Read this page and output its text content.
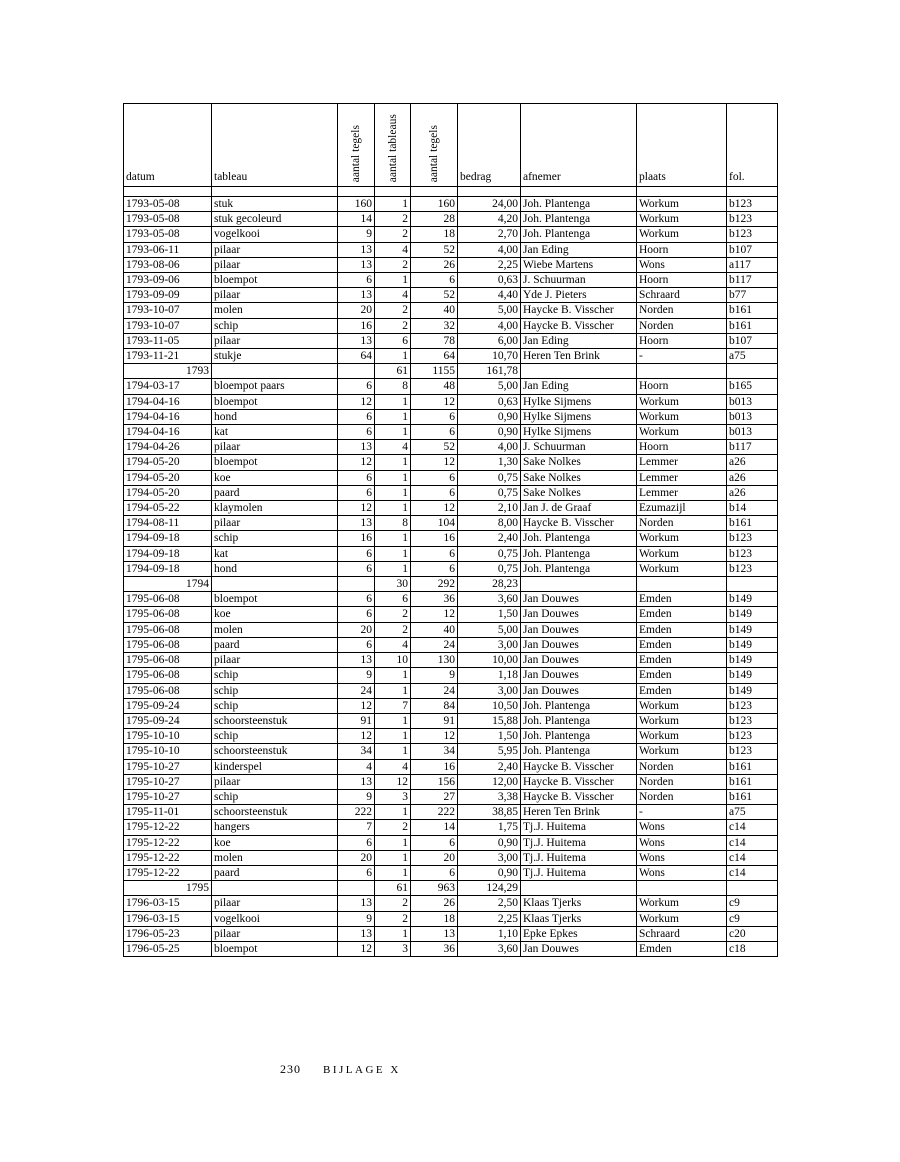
datum	tableau	aantal tegels	aantal tableaus	aantal tegels	bedrag	afnemer	plaats	fol.

1793-05-08	stuk	160	1	160	24,00	Joh. Plantenga	Workum	b123
1793-05-08	stuk gecoleurd	14	2	28	4,20	Joh. Plantenga	Workum	b123
1793-05-08	vogelkooi	9	2	18	2,70	Joh. Plantenga	Workum	b123
1793-06-11	pilaar	13	4	52	4,00	Jan Eding	Hoorn	b107
1793-08-06	pilaar	13	2	26	2,25	Wiebe Martens	Wons	a117
1793-09-06	bloempot	6	1	6	0,63	J. Schuurman	Hoorn	b117
1793-09-09	pilaar	13	4	52	4,40	Yde J. Pieters	Schraard	b77
1793-10-07	molen	20	2	40	5,00	Haycke B. Visscher	Norden	b161
1793-10-07	schip	16	2	32	4,00	Haycke B. Visscher	Norden	b161
1793-11-05	pilaar	13	6	78	6,00	Jan Eding	Hoorn	b107
1793-11-21	stukje	64	1	64	10,70	Heren Ten Brink	-	a75
1793			61	1155	161,78			
1794-03-17	bloempot paars	6	8	48	5,00	Jan Eding	Hoorn	b165
1794-04-16	bloempot	12	1	12	0,63	Hylke Sijmens	Workum	b013
1794-04-16	hond	6	1	6	0,90	Hylke Sijmens	Workum	b013
1794-04-16	kat	6	1	6	0,90	Hylke Sijmens	Workum	b013
1794-04-26	pilaar	13	4	52	4,00	J. Schuurman	Hoorn	b117
1794-05-20	bloempot	12	1	12	1,30	Sake Nolkes	Lemmer	a26
1794-05-20	koe	6	1	6	0,75	Sake Nolkes	Lemmer	a26
1794-05-20	paard	6	1	6	0,75	Sake Nolkes	Lemmer	a26
1794-05-22	klaymolen	12	1	12	2,10	Jan J. de Graaf	Ezumazijl	b14
1794-08-11	pilaar	13	8	104	8,00	Haycke B. Visscher	Norden	b161
1794-09-18	schip	16	1	16	2,40	Joh. Plantenga	Workum	b123
1794-09-18	kat	6	1	6	0,75	Joh. Plantenga	Workum	b123
1794-09-18	hond	6	1	6	0,75	Joh. Plantenga	Workum	b123
1794			30	292	28,23			
1795-06-08	bloempot	6	6	36	3,60	Jan Douwes	Emden	b149
1795-06-08	koe	6	2	12	1,50	Jan Douwes	Emden	b149
1795-06-08	molen	20	2	40	5,00	Jan Douwes	Emden	b149
1795-06-08	paard	6	4	24	3,00	Jan Douwes	Emden	b149
1795-06-08	pilaar	13	10	130	10,00	Jan Douwes	Emden	b149
1795-06-08	schip	9	1	9	1,18	Jan Douwes	Emden	b149
1795-06-08	schip	24	1	24	3,00	Jan Douwes	Emden	b149
1795-09-24	schip	12	7	84	10,50	Joh. Plantenga	Workum	b123
1795-09-24	schoorsteenstuk	91	1	91	15,88	Joh. Plantenga	Workum	b123
1795-10-10	schip	12	1	12	1,50	Joh. Plantenga	Workum	b123
1795-10-10	schoorsteenstuk	34	1	34	5,95	Joh. Plantenga	Workum	b123
1795-10-27	kinderspel	4	4	16	2,40	Haycke B. Visscher	Norden	b161
1795-10-27	pilaar	13	12	156	12,00	Haycke B. Visscher	Norden	b161
1795-10-27	schip	9	3	27	3,38	Haycke B. Visscher	Norden	b161
1795-11-01	schoorsteenstuk	222	1	222	38,85	Heren Ten Brink	-	a75
1795-12-22	hangers	7	2	14	1,75	Tj.J. Huitema	Wons	c14
1795-12-22	koe	6	1	6	0,90	Tj.J. Huitema	Wons	c14
1795-12-22	molen	20	1	20	3,00	Tj.J. Huitema	Wons	c14
1795-12-22	paard	6	1	6	0,90	Tj.J. Huitema	Wons	c14
1795			61	963	124,29			
1796-03-15	pilaar	13	2	26	2,50	Klaas Tjerks	Workum	c9
1796-03-15	vogelkooi	9	2	18	2,25	Klaas Tjerks	Workum	c9
1796-05-23	pilaar	13	1	13	1,10	Epke Epkes	Schraard	c20
1796-05-25	bloempot	12	3	36	3,60	Jan Douwes	Emden	c18
230 BIJLAGE X
